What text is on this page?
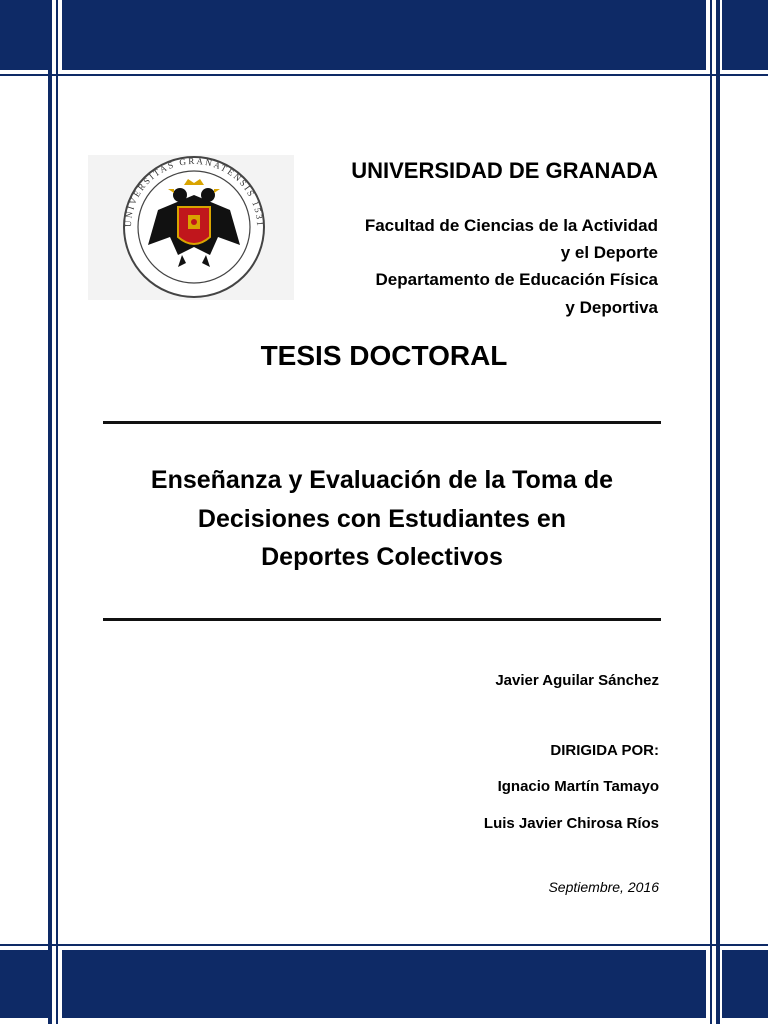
UNIVERSITAS GRANATENSIS 1531
UNIVERSIDAD DE GRANADA
Facultad de Ciencias de la Actividad
y el Deporte
Departamento de Educación Física
y Deportiva
TESIS DOCTORAL
Enseñanza y Evaluación de la Toma de
Decisiones con Estudiantes en
Deportes Colectivos
Javier Aguilar Sánchez
DIRIGIDA POR:
Ignacio Martín Tamayo
Luis Javier Chirosa Ríos
Septiembre, 2016
